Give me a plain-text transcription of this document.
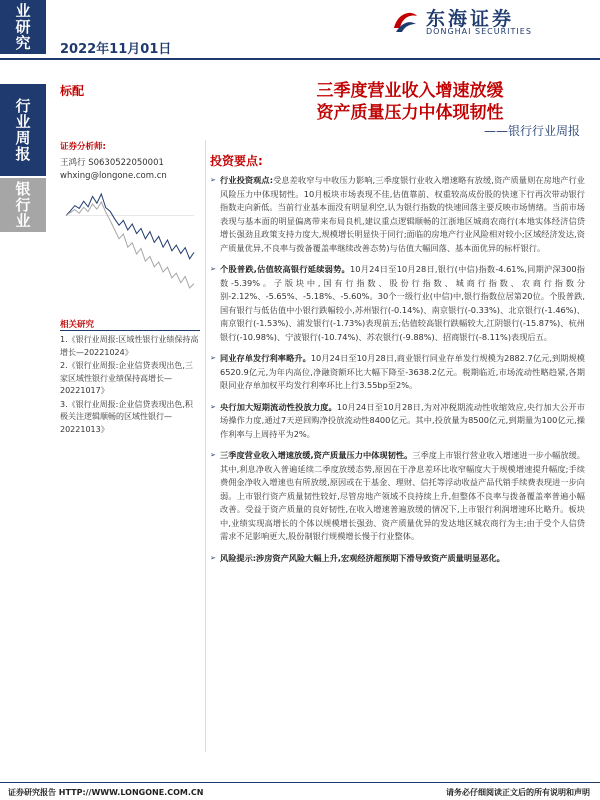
业研究 2022年11月01日
东海证券
DONGHAI SECURITIES
行业周报
银行业
标配	三季度营业收入增速放缓
资产质量压力中体现韧性
——银行行业周报
证券分析师:
王鸿行 S0630522050001
whxing@longone.com.cn
相关研究
1.《银行业周报:区域性银行业绩保持高增长—20221024》
2.《银行业周报:企业信贷表现出色,三家区域性银行业绩保持高增长—20221017》
3.《银行业周报:企业信贷表现出色,积极关注逻辑顺畅的区域性银行—20221013》
投资要点:
➢ 行业投资观点:受息差收窄与中收压力影响,三季度银行业收入增速略有放缓,资产质量则在房地产行业风险压力中体现韧性。10月板块市场表现不佳,估值靠前、权重较高成份股的快速下行再次带动银行指数走向新低。当前行业基本面没有明显利空,认为银行指数的快速回落主要反映市场情绪。当前市场表现与基本面的明显偏离带来布局良机,建议重点逻辑顺畅的江浙地区城商农商行(本地实体经济信贷增长强劲且政策支持力度大,规模增长明显快于同行;面临的房地产行业风险相对较小;区域经济发达,资产质量优异,不良率与拨备覆盖率继续改善态势)与估值大幅回落、基本面优异的标杆银行。
➢ 个股普跌,估值较高银行延续弱势。10月24日至10月28日,银行(中信)指数-4.61%,同期沪深300指数-5.39%。子版块中,国有行指数、股份行指数、城商行指数、农商行指数分别-2.12%、-5.65%、-5.18%、-5.60%。30个一级行业(中信)中,银行指数位居第20位。个股普跌,国有银行与低估值中小银行跌幅较小,苏州银行(-0.14%)、南京银行(-0.33%)、北京银行(-1.46%)、南京银行(-1.53%)、浦发银行(-1.73%)表现前五;估值较高银行跌幅较大,江阴银行(-15.87%)、杭州银行(-10.98%)、宁波银行(-10.74%)、苏农银行(-9.88%)、招商银行(-8.11%)表现后五。
➢ 同业存单发行利率略升。10月24日至10月28日,商业银行同业存单发行规模为2882.7亿元,到期规模6520.9亿元,为年内高位,净融资额环比大幅下降至-3638.2亿元。税期临近,市场流动性略趋紧,各期限同业存单加权平均发行利率环比上行3.55bp至2%。
➢ 央行加大短期流动性投放力度。10月24日至10月28日,为对冲税期流动性收缩效应,央行加大公开市场操作力度,通过7天逆回购净投放流动性8400亿元。其中,投放量为8500亿元,到期量为100亿元,操作利率与上周持平为2%。
➢ 三季度营业收入增速放缓,资产质量压力中体现韧性。三季度上市银行营业收入增速进一步小幅放缓。其中,利息净收入普遍延续二季度放缓态势,原因在于净息差环比收窄幅度大于规模增速提升幅度;手续费佣金净收入增速也有所放缓,原因或在于基金、理财、信托等浮动收益产品代销手续费表现进一步向弱。上市银行资产质量韧性较好,尽管房地产领域不良持续上升,但整体不良率与拨备覆盖率普遍小幅改善。受益于资产质量的良好韧性,在收入增速普遍放缓的情况下,上市银行利润增速环比略升。板块中,业绩实现高增长的个体以规模增长强劲、资产质量优异的发达地区城农商行为主;由于受个人信贷需求不足影响更大,股份制银行规模增长慢于行业整体。
➢ 风险提示:涉房资产风险大幅上升,宏观经济超预期下滑导致资产质量明显恶化。
证券研究报告 HTTP://WWW.LONGONE.COM.CN	请务必仔细阅读正文后的所有说明和声明
